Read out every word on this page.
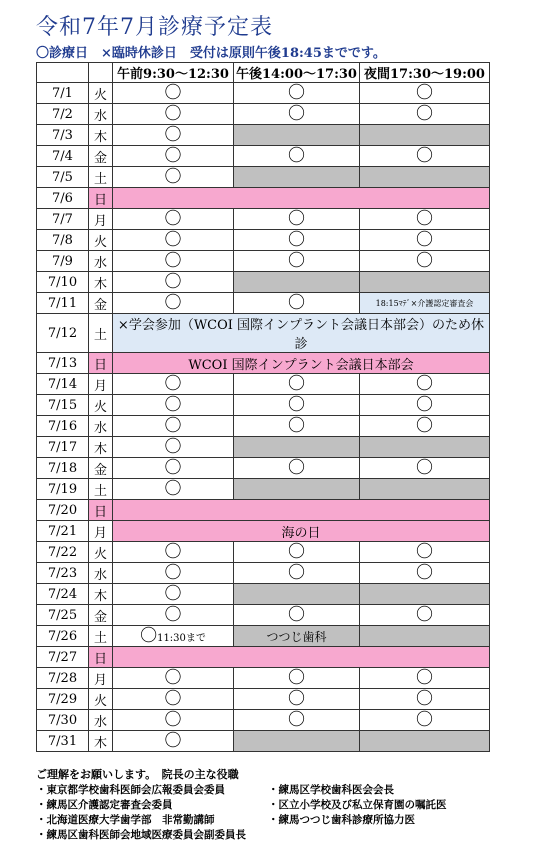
令和7年7月診療予定表
〇診療日　×臨時休診日　受付は原則午後18:45までです。
		午前9:30〜12:30	午後14:00〜17:30	夜間17:30〜19:00
7/1	火	〇	〇	〇
7/2	水	〇	〇	〇
7/3	木	〇		
7/4	金	〇	〇	〇
7/5	土	〇		
7/6	日			
7/7	月	〇	〇	〇
7/8	火	〇	〇	〇
7/9	水	〇	〇	〇
7/10	木	〇		
7/11	金	〇	〇	18:15ﾏﾃﾞ×介護認定審査会
7/12	土	×学会参加（WCOI 国際インプラント会議日本部会）のため休診		
7/13	日	WCOI 国際インプラント会議日本部会		
7/14	月	〇	〇	〇
7/15	火	〇	〇	〇
7/16	水	〇	〇	〇
7/17	木	〇		
7/18	金	〇	〇	〇
7/19	土	〇		
7/20	日			
7/21	月	海の日		
7/22	火	〇	〇	〇
7/23	水	〇	〇	〇
7/24	木	〇		
7/25	金	〇	〇	〇
7/26	土	〇11:30まで	つつじ歯科	
7/27	日			
7/28	月	〇	〇	〇
7/29	火	〇	〇	〇
7/30	水	〇	〇	〇
7/31	木	〇		
ご理解をお願いします。　院長の主な役職
・東京都学校歯科医師会広報委員会委員	・練馬区学校歯科医会会長
・練馬区介護認定審査会委員	・区立小学校及び私立保育園の嘱託医
・北海道医療大学歯学部　非常勤講師	・練馬つつじ歯科診療所協力医
・練馬区歯科医師会地域医療委員会副委員長
